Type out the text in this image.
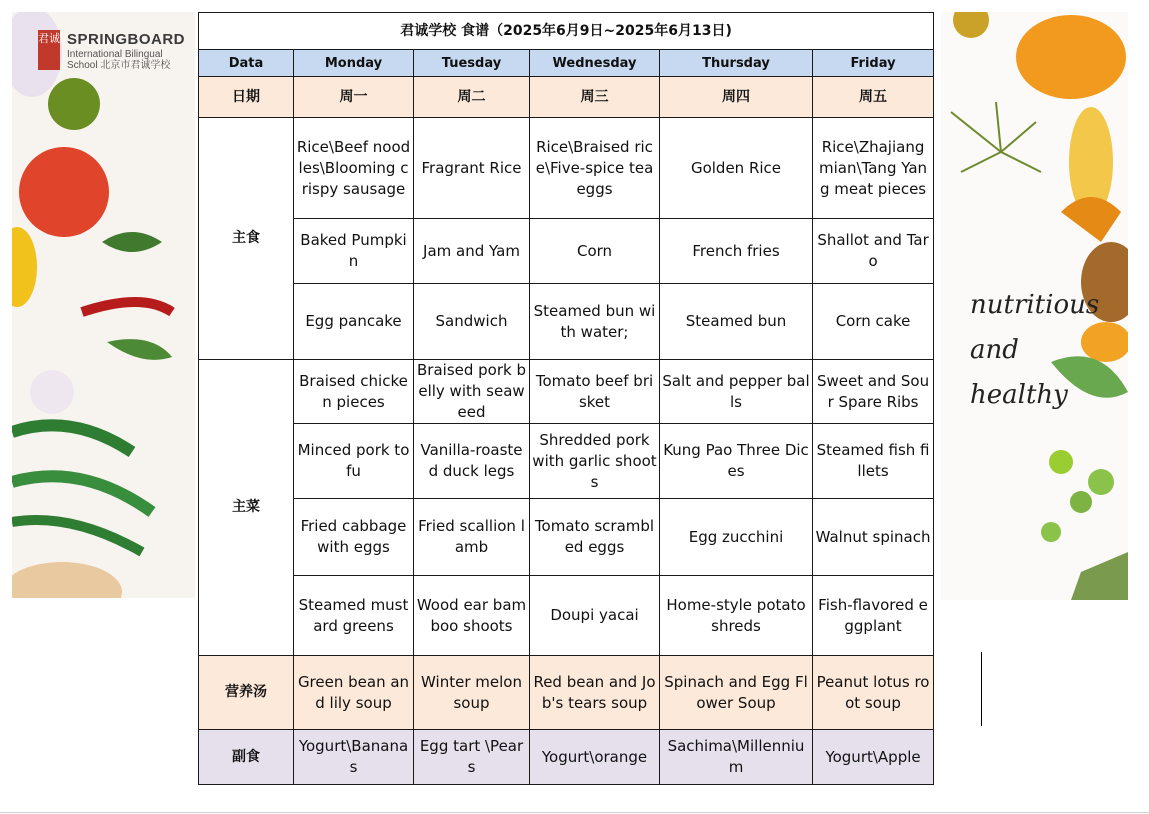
君诚 SPRINGBOARD
International Bilingual
School 北京市君诚学校
nutritious
and
healthy
君诚学校 食谱（2025年6月9日~2025年6月13日)					
Data	Monday	Tuesday	Wednesday	Thursday	Friday
日期	周一	周二	周三	周四	周五
主食	Rice\Beef noodles\Blooming crispy sausage	Fragrant Rice	Rice\Braised rice\Five-spice tea eggs	Golden Rice	Rice\Zhajiang mian\Tang Yang meat pieces
	Baked Pumpkin	Jam and Yam	Corn	French fries	Shallot and Taro
	Egg pancake	Sandwich	Steamed bun with water;	Steamed bun	Corn cake
主菜	Braised chicken pieces	Braised pork belly with seaweed	Tomato beef brisket	Salt and pepper balls	Sweet and Sour Spare Ribs
	Minced pork tofu	Vanilla-roasted duck legs	Shredded pork with garlic shoots	Kung Pao Three Dices	Steamed fish fillets
	Fried cabbage with eggs	Fried scallion lamb	Tomato scrambled eggs	Egg zucchini	Walnut spinach
	Steamed mustard greens	Wood ear bamboo shoots	Doupi yacai	Home-style potato shreds	Fish-flavored eggplant
营养汤	Green bean and lily soup	Winter melon soup	Red bean and Job's tears soup	Spinach and Egg Flower Soup	Peanut lotus root soup
副食	Yogurt\Bananas	Egg tart \Pears	Yogurt\orange	Sachima\Millennium	Yogurt\Apple
